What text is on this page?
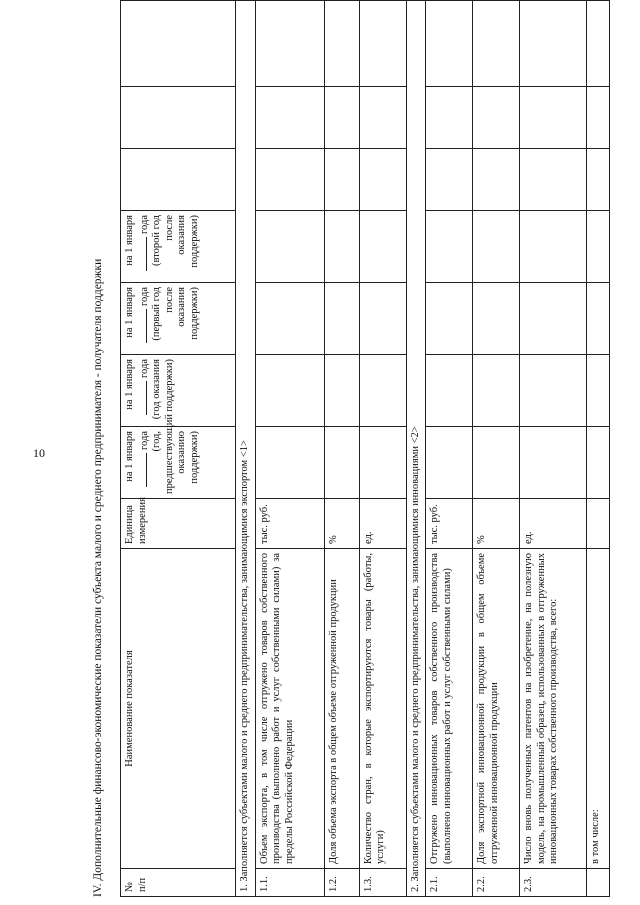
10	IV. Дополнительные финансово-экономические показатели субъекта малого и среднего предпринимателя - получателя поддержки № п/п	Наименование показателя	Единица измерения	на 1 января года (год, предшествующий оказанию поддержки)	на 1 января года (год оказания поддержки)	на 1 января года (первый год после оказания поддержки)	на 1 января года (второй год после оказания поддержки)			
1. Заполняется субъектами малого и среднего предпринимательства, занимающимися экспортом <1>									
1.1.	Объем экспорта, в том числе отгружено товаров собственного производства (выполнено работ и услуг собственными силами) за пределы Российской Федерации	тыс. руб.							
1.2.	Доля объема экспорта в общем объеме отгруженной продукции	%							
1.3.	Количество стран, в которые экспортируются товары (работы, услуги)	ед.							
2. Заполняется субъектами малого и среднего предпринимательства, занимающимися инновациями <2>									
2.1.	Отгружено инновационных товаров собственного производства (выполнено инновационных работ и услуг собственными силами)	тыс. руб.							
2.2.	Доля экспортной инновационной продукции в общем объеме отгруженной инновационной продукции	%							
2.3.	Число вновь полученных патентов на изобретение, на полезную модель, на промышленный образец, использованных в отгруженных инновационных товарах собственного производства, всего:	ед.							
	в том числе:								
